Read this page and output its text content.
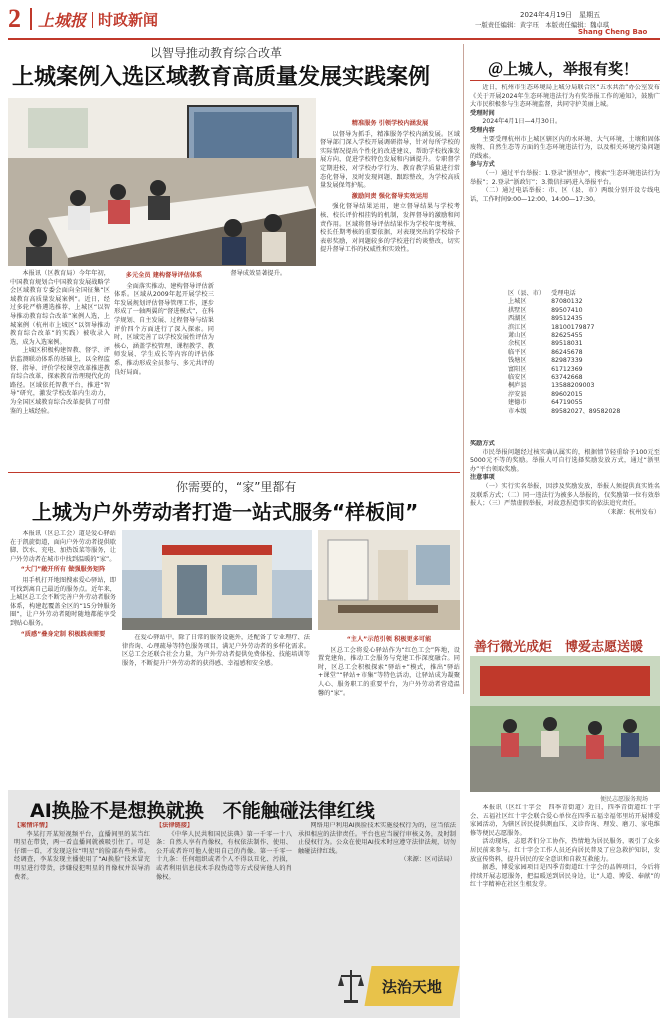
2 上城报 时政新闻	2024年4月19日　星期五
一版责任编辑：黄宇珏　本版责任编辑：魏卓琪
Shang Cheng Bao
以智导推动教育综合改革
上城案例入选区域教育高质量发展实践案例

本报讯（区教育局）今年年初，中国教育规划合中国教育发展战略学会区域教育专委会面向全国征集“区域教育高质量发展案例”。近日，经过多轮严格遴选推荐，上城区“以智导推动教育综合改革”案例人选，上城案例（杭州市上城区“以智导推动教育综合改革”的实践）被收录入选，成为入选案例。

上城区积极构建智教、督学、评估监测联动体系的基础上，以全程监督、指导、评价学校课堂改革推进教育综合改革，探索教育治理现代化的路径。区域依托智教平台，推进“智导”研究，激发学校改革内生动力，为全国区域教育综合改革提供了可借鉴的上城经验。

多元全员 建构督导评估体系

全面落实推动、建构督导评估新体系。区域从2009年起开展学校三年发展规划评估督导管理工作，逐步形成了一轴两翼的“督进模式”，在科学规划、自主发展、过程督导与结果评价四个方面进行了深入探索。同时，区域完善了以学校发展性评估为核心，涵盖学校管理、课程教学、教师发展、学生成长等内容的评估体系，推动形成全员参与、多元共评的良好局面。

督导成效显著提升。

精准服务 引领学校内涵发展

以督导为抓手，精准服务学校内涵发展。区域督导部门深入学校开展调研指导，针对每所学校的实际情况提出个性化的改进建议，帮助学校找准发展方向，促进学校特色发展和内涵提升。专职督学定期进校，对学校办学行为、教育教学质量进行常态化督导，及时发现问题、跟踪整改，为学校高质量发展保驾护航。

激励问责 强化督导实效运用

强化督导结果运用，建立督导结果与学校考核、校长评价相挂钩的机制，发挥督导的激励和问责作用。区域将督导评估结果作为学校年度考核、校长任期考核的重要依据，对表现突出的学校给予表彰奖励，对问题较多的学校进行约谈整改，切实提升督导工作的权威性和实效性。

＠上城人，举报有奖！

近日，杭州市生态环境局上城分局联合区“五水共治”办公室发布《关于开展2024年生态环境违法行为有奖举报工作的通知》，鼓励广大市民积极参与生态环境监督，共同守护美丽上城。

受理时间

2024年4月1日—4月30日。

受理内容

主要受理杭州市上城区辖区内的水环境、大气环境、土壤和固体废物、自然生态等方面的生态环境违法行为，以及相关环境污染问题的线索。

参与方式

（一）通过平台举报：1.登录“浙里办”，搜索“生态环境违法行为举报”；2.登录“浙政钉”；3.微信扫码进入举报平台。

（二）通过电话举报：市、区（县、市）两级分别开设专线电话，工作时间9:00—12:00、14:00—17:30。

区（县、市）	受理电话
上城区	87080132
拱墅区	89507410
西湖区	89512435
滨江区	18100179877
萧山区	82625455
余杭区	89518031
临平区	86245678
钱塘区	82987339
富阳区	61712369
临安区	63742668
桐庐县	13588209003
淳安县	89602015
建德市	64719055
市本级	89582027、89582028
奖励方式

市民举报问题经过核实确认属实的，根据情节轻重给予100元至5000元不等的奖励。举报人可自行选择奖励发放方式，通过“浙里办”平台领取奖励。

注意事项

（一）实行实名举报，因涉及奖励发放，举报人须提供真实姓名及联系方式；（二）同一违法行为被多人举报的，仅奖励第一位有效举报人；（三）严禁虚假举报，对故意捏造事实的依法追究责任。

（来源：杭州发布）
善行微光成炬　博爱志愿送暖
便民志愿服务现场

本报讯（区红十字会　四季青街道）近日，四季青街道红十字会、五福社区红十字会联合爱心单位在四季五福幸福邻里坊开展博爱家园活动，为辖区居民提供测血压、义诊咨询、理发、磨刀、家电维修等便民志愿服务。

活动现场，志愿者们分工协作，热情地为居民服务，吸引了众多居民前来参与。红十字会工作人员还向居民普及了应急救护知识，发放宣传资料，提升居民的安全意识和自救互救能力。

据悉，博爱家园项目是四季青街道红十字会的品牌项目，今后将持续开展志愿服务，把温暖送到居民身边，让“人道、博爱、奉献”的红十字精神在社区生根发芽。

你需要的，“家”里都有
上城为户外劳动者打造一站式服务“样板间”

本报讯（区总工会）道是爱心驿站在于凯旋街道，面向户外劳动者提供歇脚、饮水、充电、加热饭菜等服务，让户外劳动者在城市中找到温暖的“家”。

“大门”敞开所有 做强服务矩阵

用手机打开地图搜索爱心驿站，即可找到离自己最近的服务点。近年来，上城区总工会不断完善户外劳动者服务体系，构建起覆盖全区的“15分钟服务圈”，让户外劳动者随时随地都能享受到贴心服务。

“质感”叠身定制 积极践表需要	在爱心驿站中，除了日常的服务设施外，还配备了专业理疗、法律咨询、心理疏导等特色服务项目，满足户外劳动者的多样化需求。区总工会还联合社会力量，为户外劳动者提供免费体检、技能培训等服务，不断提升户外劳动者的获得感、幸福感和安全感。

“主人”示范引领 积极更多可能

区总工会将爱心驿站作为“红色工会”阵地，设置党建角，推动工会服务与党建工作深度融合。同时，区总工会积极探索“驿站+”模式，推出“驿站+课堂”“驿站+市集”等特色活动，让驿站成为凝聚人心、服务职工的重要平台，为户外劳动者营造温馨的“家”。

AI换脸不是想换就换　不能触碰法律红线
【案情详情】

李某打开某短视频平台，直播间里的某当红明星在带货，两一看直播间就被吸引住了。可是仔细一看，才发现这位“明星”的脸部有些异常。经调查，李某发现主播使用了“AI换脸”技术冒充明星进行带货，涉嫌侵犯明星的肖像权并误导消费者。

【法律链接】

《中华人民共和国民法典》第一千零一十八条：自然人享有肖像权，有权依法制作、使用、公开或者许可他人使用自己的肖像。第一千零一十九条：任何组织或者个人不得以丑化、污损，或者利用信息技术手段伪造等方式侵害他人的肖像权。

网络用户利用AI换脸技术实施侵权行为的，应当依法承担相应的法律责任。平台也应当履行审核义务，及时制止侵权行为。公众在使用AI技术时应遵守法律法规，切勿触碰法律红线。

（来源：区司法局）
法治天地
